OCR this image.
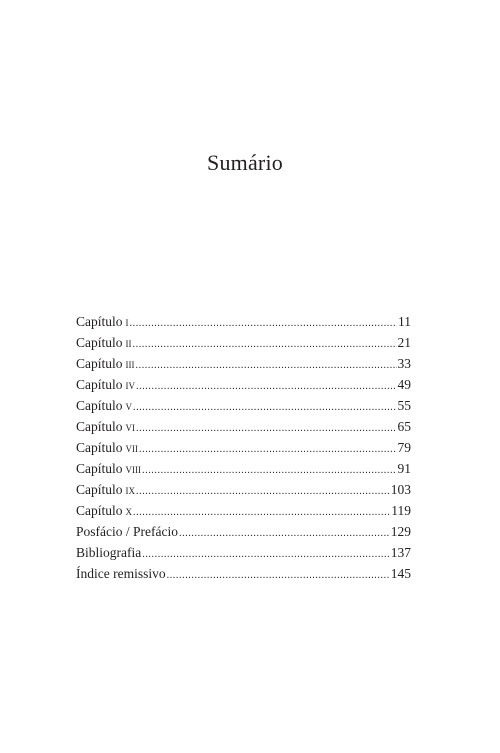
Sumário
Capítulo i .....	11
Capítulo ii .....	21
Capítulo iii .....	33
Capítulo iv .....	49
Capítulo v .....	55
Capítulo vi .....	65
Capítulo vii .....	79
Capítulo viii .....	91
Capítulo ix .....	103
Capítulo x .....	119
Posfácio / Prefácio .....	129
Bibliografia .....	137
Índice remissivo .....	145
